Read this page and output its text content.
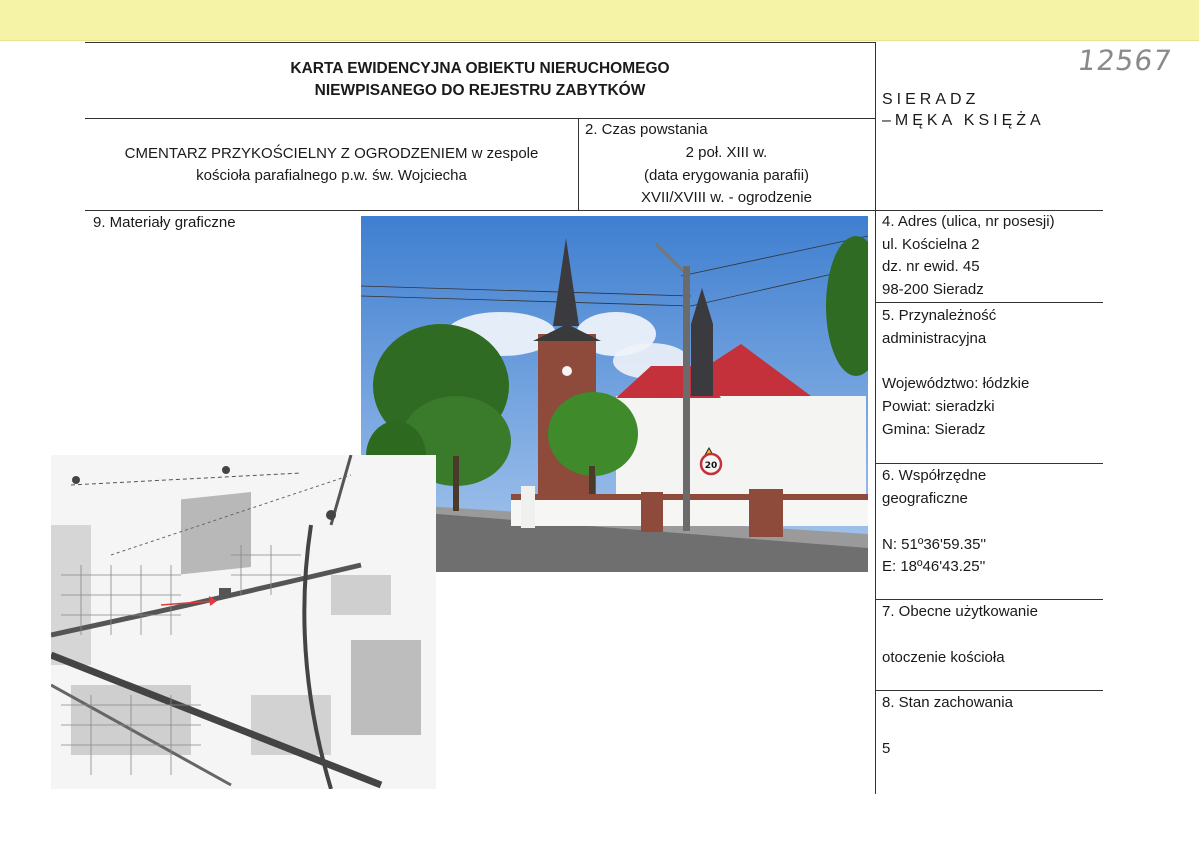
KARTA EWIDENCYJNA OBIEKTU NIERUCHOMEGO
NIEWPISANEGO DO REJESTRU ZABYTKÓW
12567
SIERADZ
–MĘKA KSIĘŻA
CMENTARZ PRZYKOŚCIELNY Z OGRODZENIEM w zespole
kościoła parafialnego p.w. św. Wojciecha
2. Czas powstania
2 poł. XIII w.
(data erygowania parafii)
XVII/XVIII w. - ogrodzenie
9. Materiały graficzne	4. Adres (ulica, nr posesji)
ul. Kościelna 2
dz. nr ewid. 45
98-200 Sieradz
5. Przynależność
administracyjna
Województwo: łódzkie
Powiat: sieradzki
Gmina: Sieradz
6. Współrzędne
geograficzne
N: 51º36'59.35''
E: 18º46'43.25''
7. Obecne użytkowanie
otoczenie kościoła
8. Stan zachowania
5
20
